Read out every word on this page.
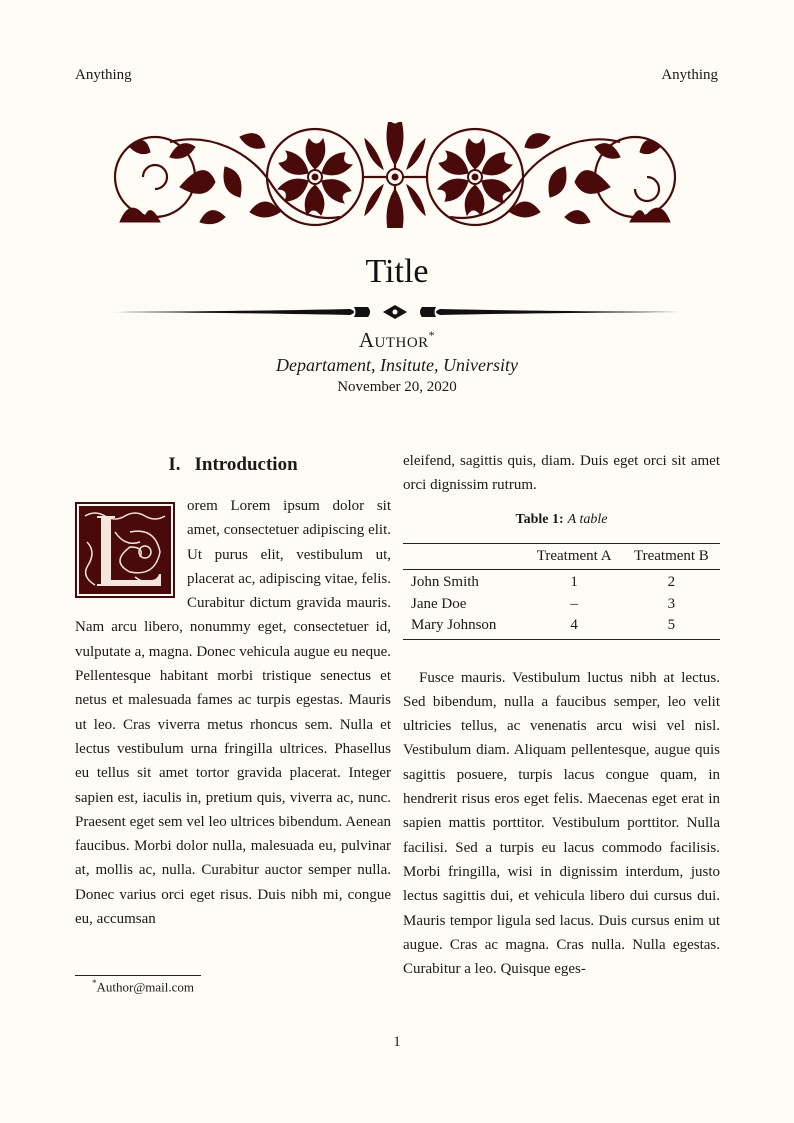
Anything	Anything
Title
Author*
Departament, Insitute, University
November 20, 2020
I. Introduction

orem Lorem ipsum dolor sit amet, consectetuer adipiscing elit. Ut purus elit, vestibulum ut, placerat ac, adipiscing vitae, felis. Curabitur dictum gravida mauris. Nam arcu libero, nonummy eget, consectetuer id, vulputate a, magna. Donec vehicula augue eu neque. Pellentesque habitant morbi tristique senectus et netus et malesuada fames ac turpis egestas. Mauris ut leo. Cras viverra metus rhoncus sem. Nulla et lectus vestibulum urna fringilla ultrices. Phasellus eu tellus sit amet tortor gravida placerat. Integer sapien est, iaculis in, pretium quis, viverra ac, nunc. Praesent eget sem vel leo ultrices bibendum. Aenean faucibus. Morbi dolor nulla, malesuada eu, pulvinar at, mollis ac, nulla. Curabitur auctor semper nulla. Donec varius orci eget risus. Duis nibh mi, congue eu, accumsan

*Author@mail.com

eleifend, sagittis quis, diam. Duis eget orci sit amet orci dignissim rutrum.

Table 1: A table
	Treatment A	Treatment B
John Smith	1	2
Jane Doe	–	3
Mary Johnson	4	5

Fusce mauris. Vestibulum luctus nibh at lectus. Sed bibendum, nulla a faucibus semper, leo velit ultricies tellus, ac venenatis arcu wisi vel nisl. Vestibulum diam. Aliquam pellentesque, augue quis sagittis posuere, turpis lacus congue quam, in hendrerit risus eros eget felis. Maecenas eget erat in sapien mattis porttitor. Vestibulum porttitor. Nulla facilisi. Sed a turpis eu lacus commodo facilisis. Morbi fringilla, wisi in dignissim interdum, justo lectus sagittis dui, et vehicula libero dui cursus dui. Mauris tempor ligula sed lacus. Duis cursus enim ut augue. Cras ac magna. Cras nulla. Nulla egestas. Curabitur a leo. Quisque eges-

1
